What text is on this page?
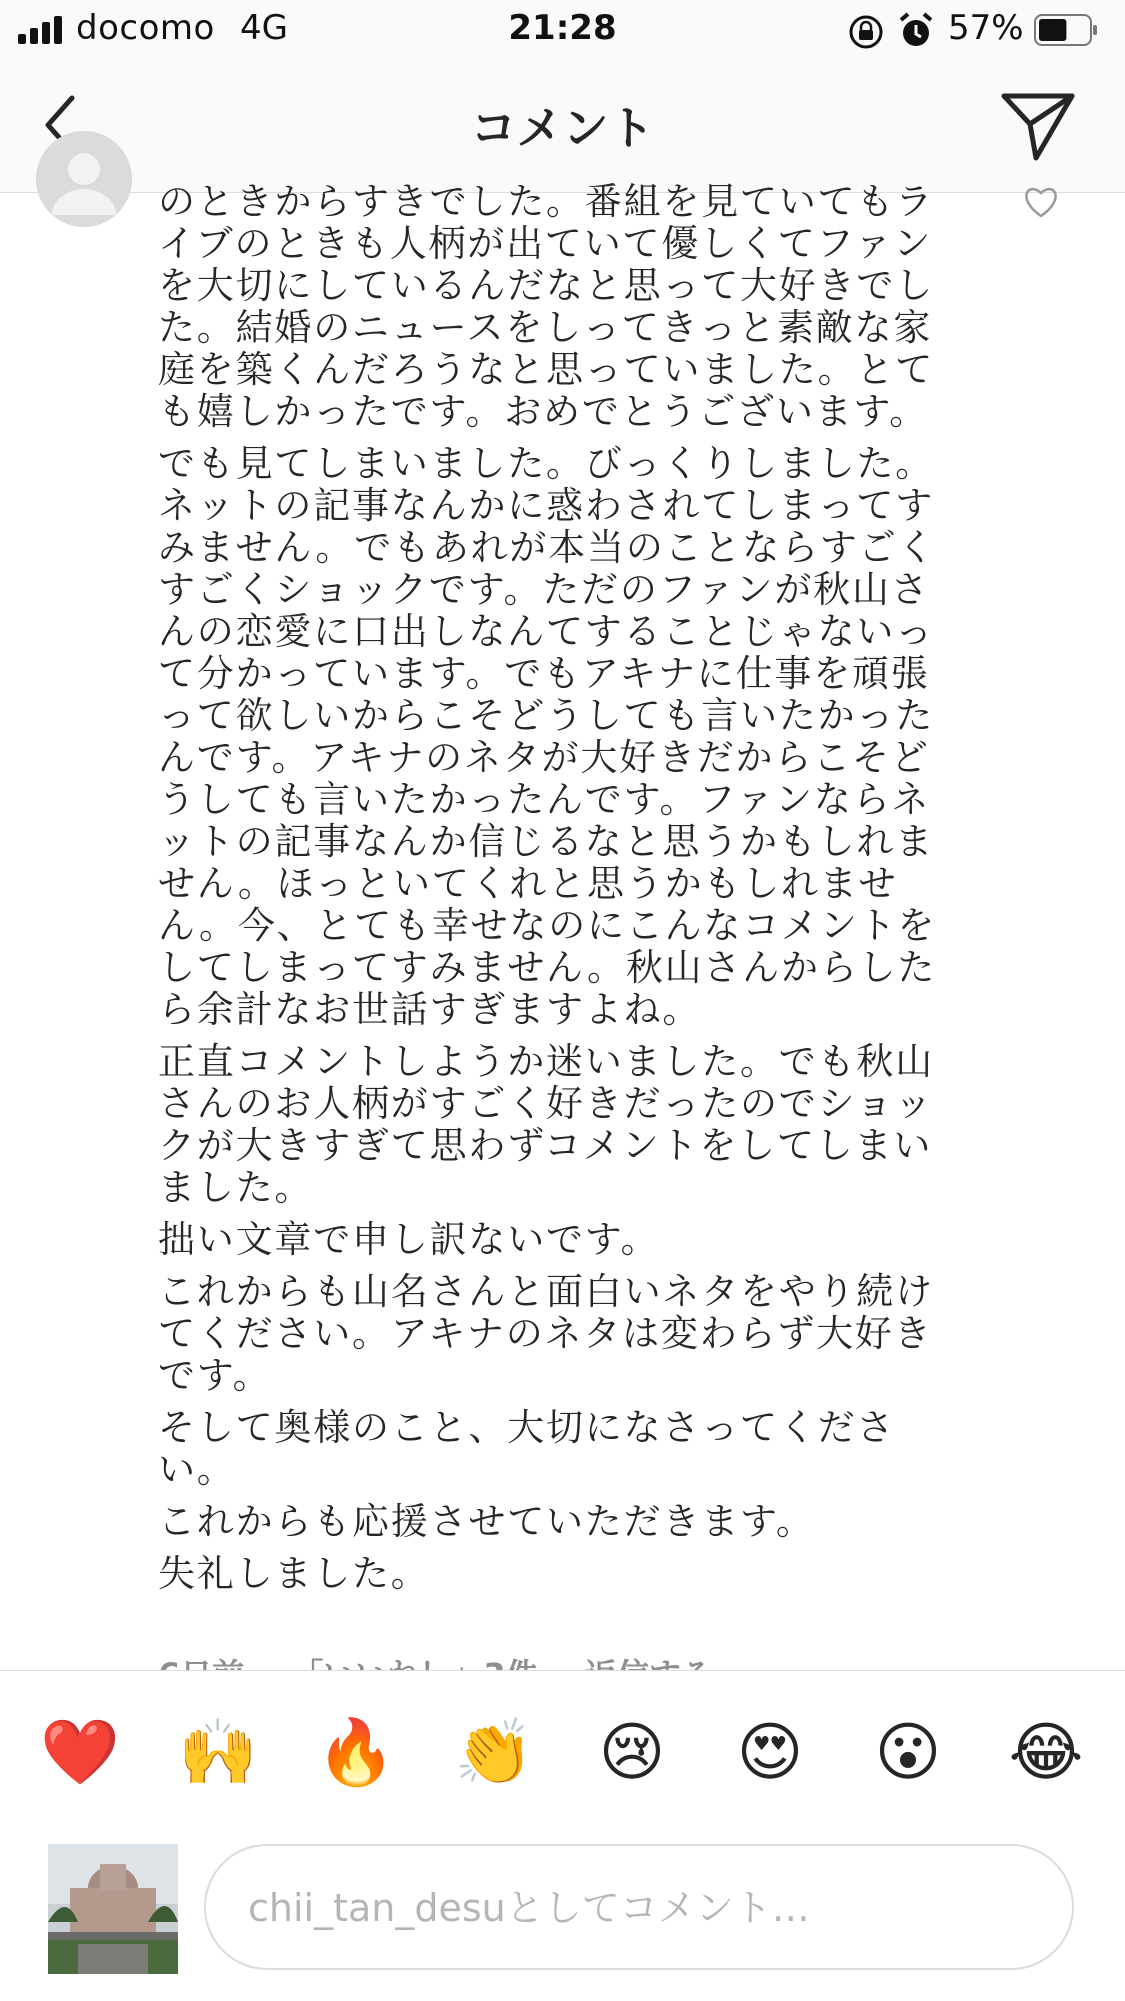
docomo 4G	21:28	57%
コメント

のときからすきでした。番組を見ていてもライブのときも人柄が出ていて優しくてファンを大切にしているんだなと思って大好きでした。結婚のニュースをしってきっと素敵な家庭を築くんだろうなと思っていました。とても嬉しかったです。おめでとうございます。

でも見てしまいました。びっくりしました。ネットの記事なんかに惑わされてしまってすみません。でもあれが本当のことならすごくすごくショックです。ただのファンが秋山さんの恋愛に口出しなんてすることじゃないって分かっています。でもアキナに仕事を頑張って欲しいからこそどうしても言いたかったんです。アキナのネタが大好きだからこそどうしても言いたかったんです。ファンならネットの記事なんか信じるなと思うかもしれません。ほっといてくれと思うかもしれません。今、とても幸せなのにこんなコメントをしてしまってすみません。秋山さんからしたら余計なお世話すぎますよね。

正直コメントしようか迷いました。でも秋山さんのお人柄がすごく好きだったのでショックが大きすぎて思わずコメントをしてしまいました。

拙い文章で申し訳ないです。

これからも山名さんと面白いネタをやり続けてください。アキナのネタは変わらず大好きです。

そして奥様のこと、大切になさってください。

これからも応援させていただきます。

失礼しました。

❤️ 🙌 🔥 👏 😢 😍 😮 😂
chii_tan_desuとしてコメント…
